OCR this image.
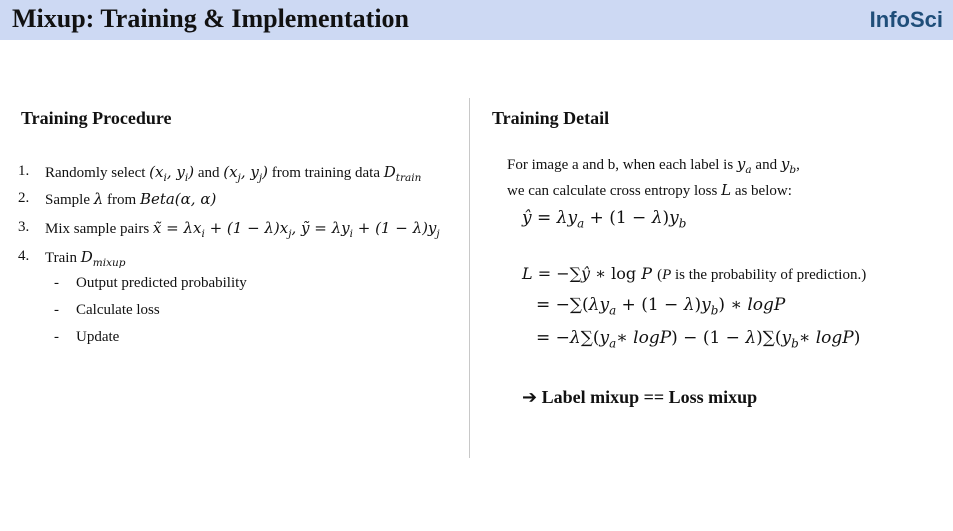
Mixup: Training & Implementation	InfoSci
Training Procedure
1. Randomly select ($x_i$, $y_i$) and ($x_j$, $y_j$) from training data $D_{train}$
2. Sample λ from Beta(α, α)
3. Mix sample pairs x̃ = $\lambda x_i + (1 - \lambda)x_j$, ỹ = $\lambda y_i + (1 - \lambda)y_j$
4. Train $D_{mixup}$
- Output predicted probability
- Calculate loss
- Update
Training Detail
For image a and b, when each label is $y_a$ and $y_b$,
we can calculate cross entropy loss L as below:
ŷ = $\lambda y_a + (1 - \lambda)y_b$
L = −∑ŷ ∗ log P (P is the probability of prediction.)
= $-\sum(\lambda y_a + (1 - \lambda)y_b)$ ∗ logP
= $-\lambda\sum(y_a∗$ $\log P) - (1 - \lambda)\sum(y_b∗$ logP)
➔ Label mixup == Loss mixup
